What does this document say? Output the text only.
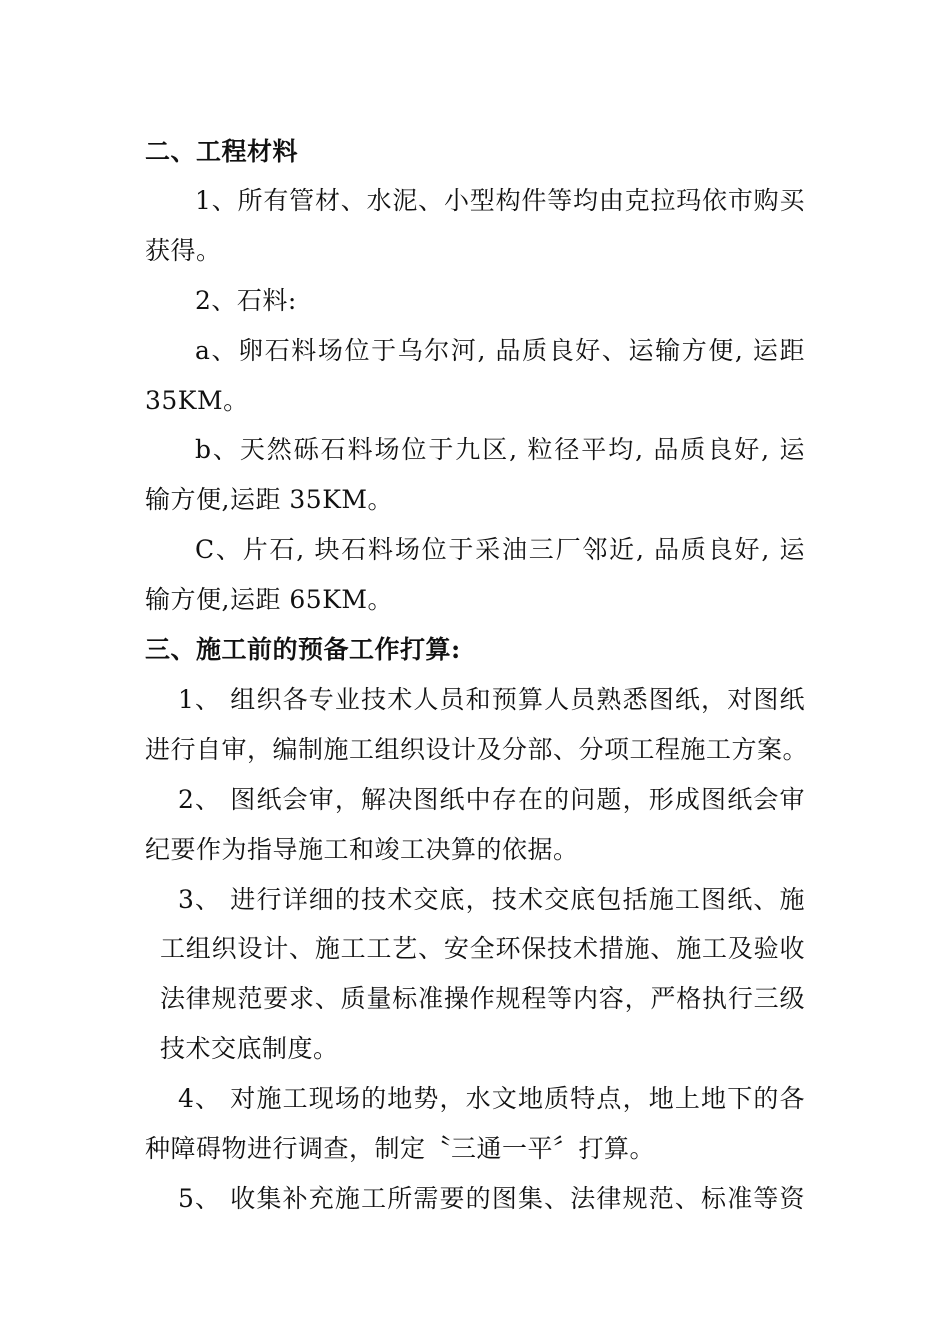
二、工程材料
1、所有管材、水泥、小型构件等均由克拉玛依市购买
获得。
2、石料:
a、卵石料场位于乌尔河, 品质良好、运输方便, 运距
35KM。
b、天然砾石料场位于九区, 粒径平均, 品质良好, 运
输方便,运距 35KM。
C、片石, 块石料场位于采油三厂邻近, 品质良好, 运
输方便,运距 65KM。
三、施工前的预备工作打算:
1、 组织各专业技术人员和预算人员熟悉图纸，对图纸
进行自审，编制施工组织设计及分部、分项工程施工方案。
2、 图纸会审，解决图纸中存在的问题，形成图纸会审
纪要作为指导施工和竣工决算的依据。
3、 进行详细的技术交底，技术交底包括施工图纸、施
工组织设计、施工工艺、安全环保技术措施、施工及验收
法律规范要求、质量标准操作规程等内容，严格执行三级
技术交底制度。
4、 对施工现场的地势，水文地质特点，地上地下的各
种障碍物进行调查，制定〝三通一平〞打算。
5、 收集补充施工所需要的图集、法律规范、标准等资
